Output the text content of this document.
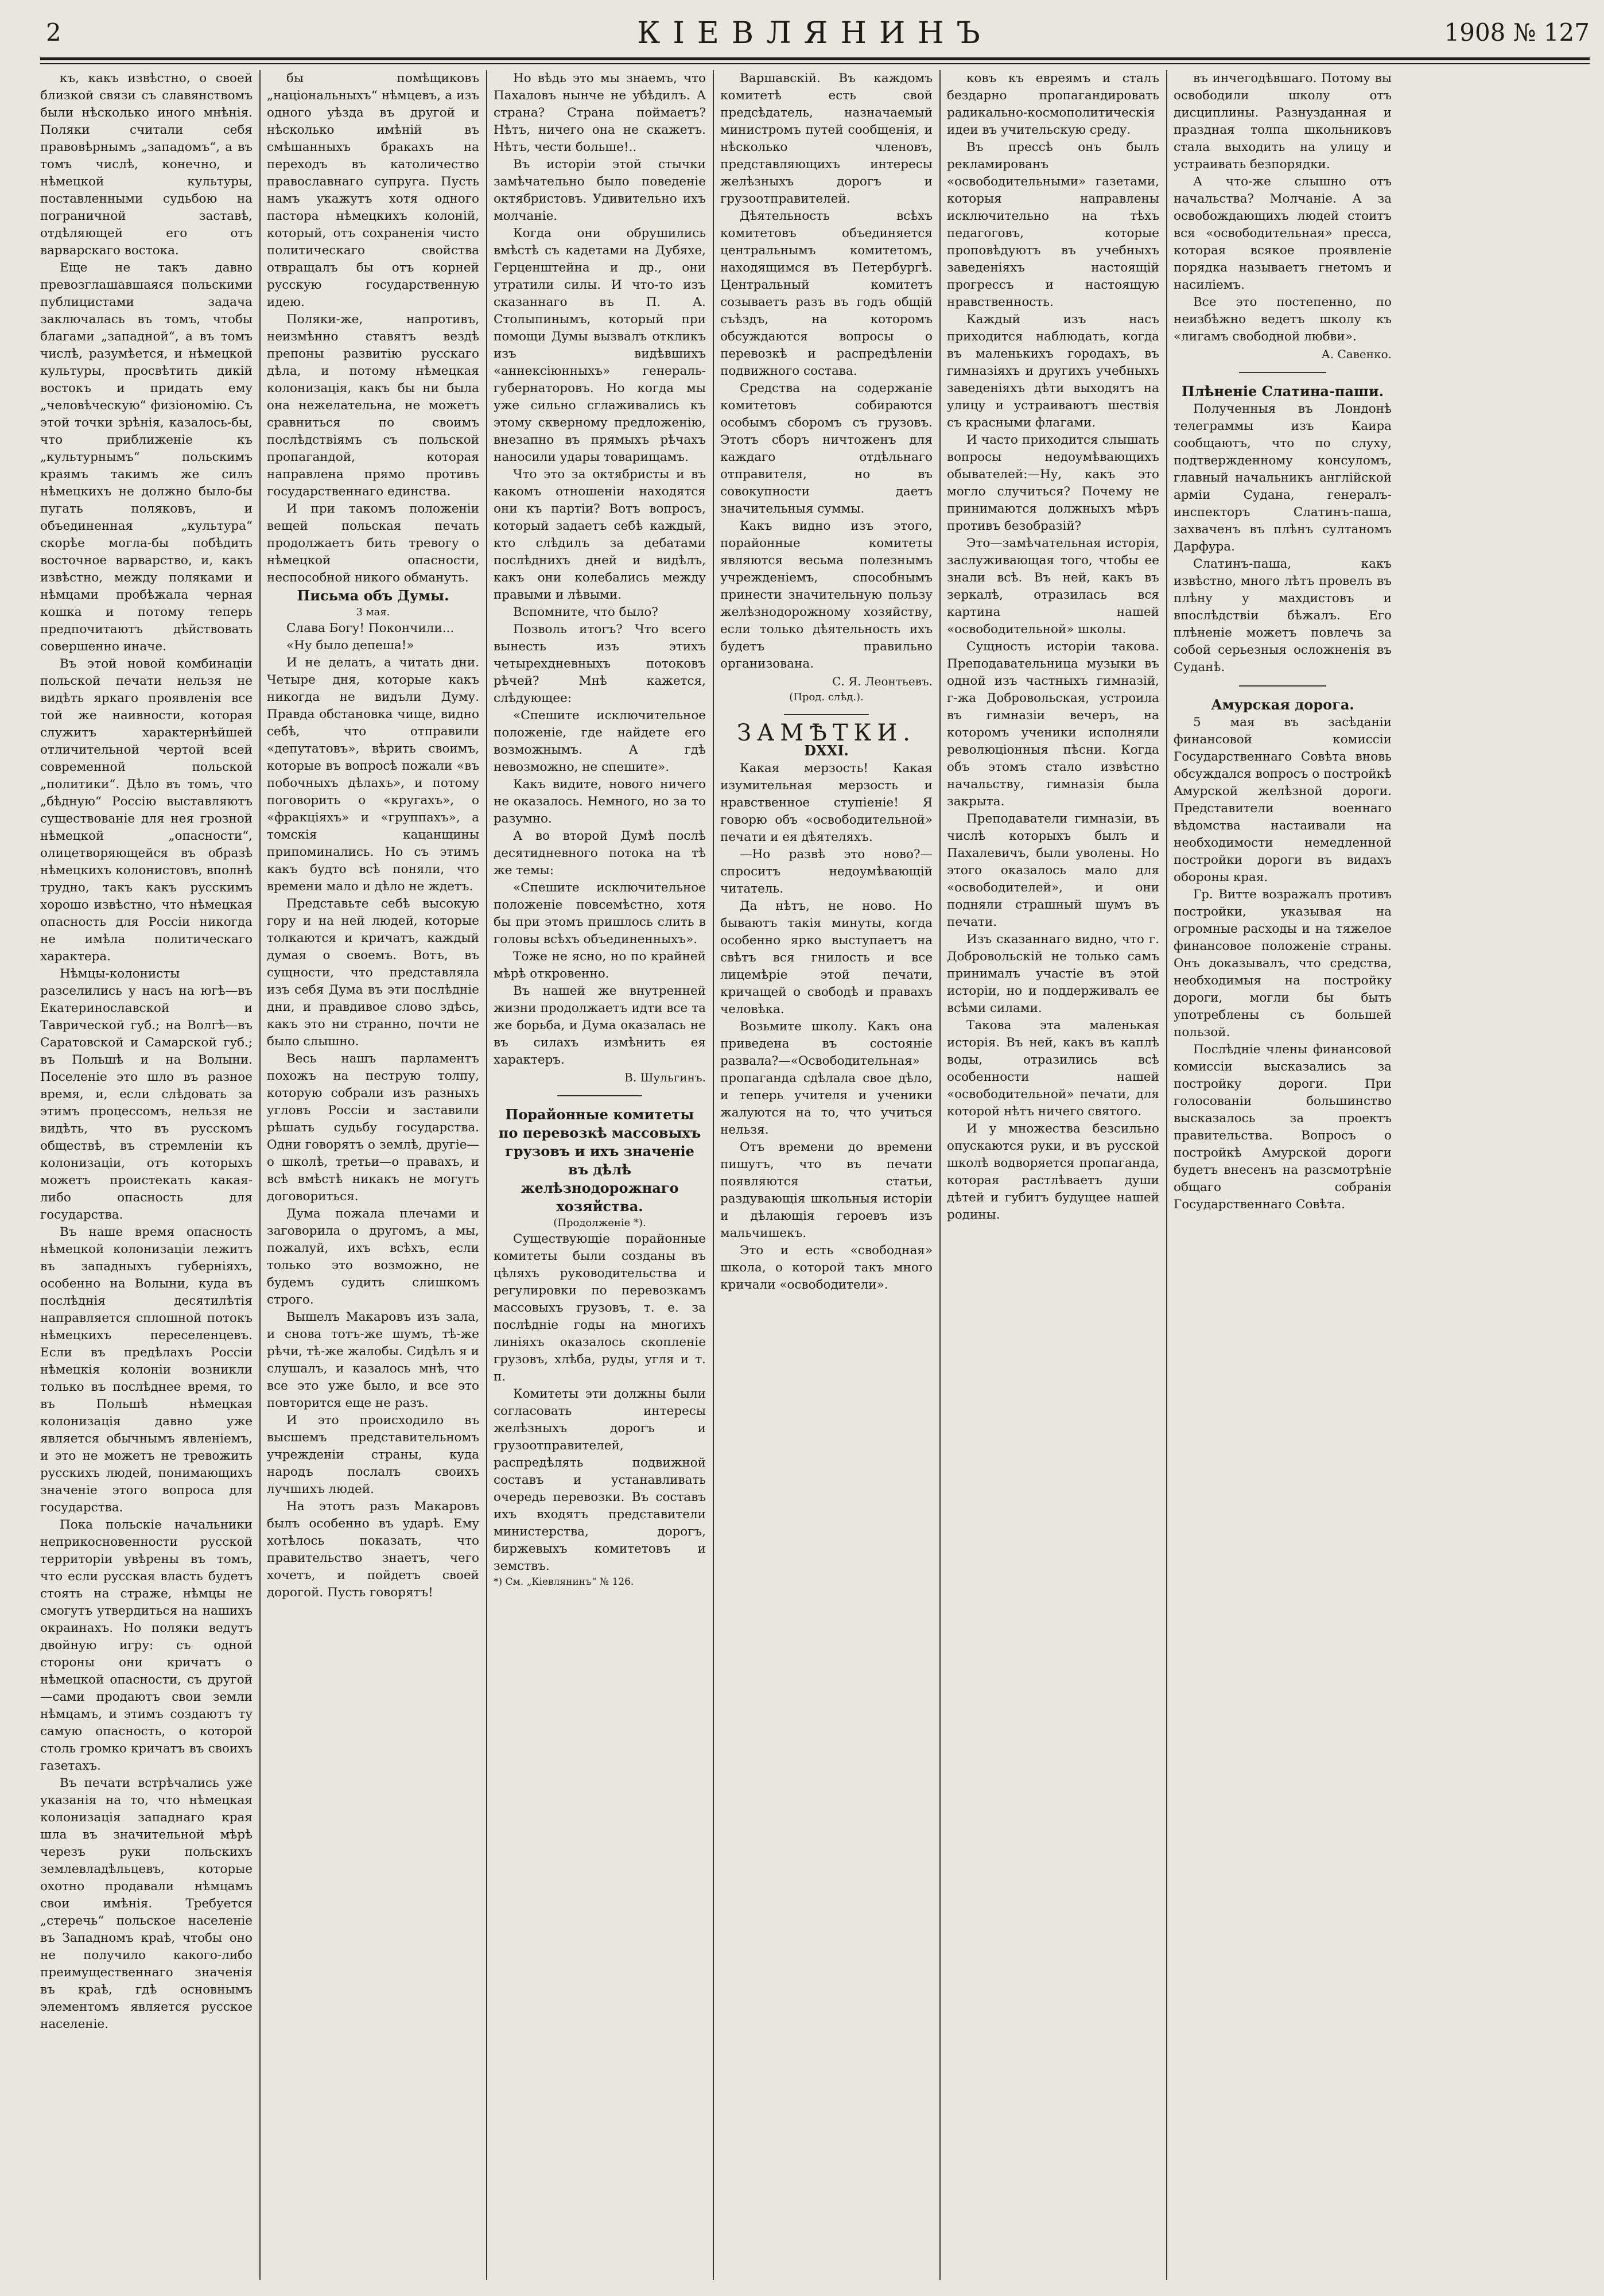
2	КІЕВЛЯНИНЪ	1908 № 127

къ, какъ извѣстно, о своей близкой связи съ славянствомъ были нѣсколько иного мнѣнія. Поляки считали себя правовѣрнымъ „западомъ“, а въ томъ числѣ, конечно, и нѣмецкой культуры, поставленными судьбою на пограничной заставѣ, отдѣляющей его отъ варварскаго востока.

Еще не такъ давно превозглашавшаяся польскими публицистами задача заключалась въ томъ, чтобы благами „западной“, а въ томъ числѣ, разумѣется, и нѣмецкой культуры, просвѣтить дикій востокъ и придать ему „человѣческую“ физіономію. Съ этой точки зрѣнія, казалось-бы, что приближеніе къ „культурнымъ“ польскимъ краямъ такимъ же силъ нѣмецкихъ не должно было-бы пугать поляковъ, и объединенная „культура“ скорѣе могла-бы побѣдить восточное варварство, и, какъ извѣстно, между поляками и нѣмцами пробѣжала черная кошка и потому теперь предпочитаютъ дѣйствовать совершенно иначе.

Въ этой новой комбинаціи польской печати нельзя не видѣть яркаго проявленія все той же наивности, которая служитъ характернѣйшей отличительной чертой всей современной польской „политики“. Дѣло въ томъ, что „бѣдную“ Россію выставляютъ существованіе для нея грозной нѣмецкой „опасности“, олицетворяющейся въ образѣ нѣмецкихъ колонистовъ, вполнѣ трудно, такъ какъ русскимъ хорошо извѣстно, что нѣмецкая опасность для Россіи никогда не имѣла политическаго характера.

Нѣмцы-колонисты разселились у насъ на югѣ—въ Екатеринославской и Таврической губ.; на Волгѣ—въ Саратовской и Самарской губ.; въ Польшѣ и на Волыни. Поселеніе это шло въ разное время, и, если слѣдовать за этимъ процессомъ, нельзя не видѣть, что въ русскомъ обществѣ, въ стремленіи къ колонизаціи, отъ которыхъ можетъ проистекать какая-либо опасность для государства.

Въ наше время опасность нѣмецкой колонизаціи лежитъ въ западныхъ губерніяхъ, особенно на Волыни, куда въ послѣднія десятилѣтія направляется сплошной потокъ нѣмецкихъ переселенцевъ. Если въ предѣлахъ Россіи нѣмецкія колоніи возникли только въ послѣднее время, то въ Польшѣ нѣмецкая колонизація давно уже является обычнымъ явленіемъ, и это не можетъ не тревожить русскихъ людей, понимающихъ значеніе этого вопроса для государства.

Пока польскіе начальники неприкосновенности русской территоріи увѣрены въ томъ, что если русская власть будетъ стоять на страже, нѣмцы не смогутъ утвердиться на нашихъ окраинахъ. Но поляки ведутъ двойную игру: съ одной стороны они кричатъ о нѣмецкой опасности, съ другой—сами продаютъ свои земли нѣмцамъ, и этимъ создаютъ ту самую опасность, о которой столь громко кричатъ въ своихъ газетахъ.

Въ печати встрѣчались уже указанія на то, что нѣмецкая колонизація западнаго края шла въ значительной мѣрѣ черезъ руки польскихъ землевладѣльцевъ, которые охотно продавали нѣмцамъ свои имѣнія. Требуется „стеречь“ польское населеніе въ Западномъ краѣ, чтобы оно не получило какого-либо преимущественнаго значенія въ краѣ, гдѣ основнымъ элементомъ является русское населеніе.

бы помѣщиковъ „національныхъ“ нѣмцевъ, а изъ одного уѣзда въ другой и нѣсколько имѣній въ смѣшанныхъ бракахъ на переходъ въ католичество православнаго супруга. Пусть намъ укажутъ хотя одного пастора нѣмецкихъ колоній, который, отъ сохраненія чисто политическаго свойства отвращалъ бы отъ корней русскую государственную идею.

Поляки-же, напротивъ, неизмѣнно ставятъ вездѣ препоны развитію русскаго дѣла, и потому нѣмецкая колонизація, какъ бы ни была она нежелательна, не можетъ сравниться по своимъ послѣдствіямъ съ польской пропагандой, которая направлена прямо противъ государственнаго единства.

И при такомъ положеніи вещей польская печать продолжаетъ бить тревогу о нѣмецкой опасности, неспособной никого обмануть.

Письма объ Думы.

3 мая.

Слава Богу! Покончили...

«Ну было депеша!»

И не делать, а читать дни. Четыре дня, которые какъ никогда не видъли Думу. Правда обстановка чище, видно себѣ, что отправили «депутатовъ», вѣрить своимъ, которые въ вопросѣ пожали «въ побочныхъ дѣлахъ», и потому поговорить о «кругахъ», о «фракціяхъ» и «группахъ», а томскія кацанщины припоминались. Но съ этимъ какъ будто всѣ поняли, что времени мало и дѣло не ждетъ.

Представьте себѣ высокую гору и на ней людей, которые толкаются и кричатъ, каждый думая о своемъ. Вотъ, въ сущности, что представляла изъ себя Дума въ эти послѣдніе дни, и правдивое слово здѣсь, какъ это ни странно, почти не было слышно.

Весь нашъ парламентъ похожъ на пеструю толпу, которую собрали изъ разныхъ угловъ Россіи и заставили рѣшать судьбу государства. Одни говорятъ о землѣ, другіе—о школѣ, третьи—о правахъ, и всѣ вмѣстѣ никакъ не могутъ договориться.

Дума пожала плечами и заговорила о другомъ, а мы, пожалуй, ихъ всѣхъ, если только это возможно, не будемъ судить слишкомъ строго.

Вышелъ Макаровъ изъ зала, и снова тотъ-же шумъ, тѣ-же рѣчи, тѣ-же жалобы. Сидѣлъ я и слушалъ, и казалось мнѣ, что все это уже было, и все это повторится еще не разъ.

И это происходило въ высшемъ представительномъ учрежденіи страны, куда народъ послалъ своихъ лучшихъ людей.

На этотъ разъ Макаровъ былъ особенно въ ударѣ. Ему хотѣлось показать, что правительство знаетъ, чего хочетъ, и пойдетъ своей дорогой. Пусть говорятъ!

Но вѣдь это мы знаемъ, что Пахаловъ нынче не убѣдилъ. А страна? Страна поймаетъ? Нѣтъ, ничего она не скажетъ. Нѣтъ, чести больше!..

Въ исторіи этой стычки замѣчательно было поведеніе октябристовъ. Удивительно ихъ молчаніе.

Когда они обрушились вмѣстѣ съ кадетами на Дубяхе, Герценштейна и др., они утратили силы. И что-то изъ сказаннаго въ П. А. Столыпинымъ, который при помощи Думы вызвалъ откликъ изъ видѣвшихъ «аннексіюнныхъ» генераль-губернаторовъ. Но когда мы уже сильно сглаживались къ этому скверному предложенію, внезапно въ прямыхъ рѣчахъ наносили удары товарищамъ.

Что это за октябристы и въ какомъ отношеніи находятся они къ партіи? Вотъ вопросъ, который задаетъ себѣ каждый, кто слѣдилъ за дебатами послѣднихъ дней и видѣлъ, какъ они колебались между правыми и лѣвыми.

Вспомните, что было?

Позволь итогъ? Что всего вынесть изъ этихъ четырехдневныхъ потоковъ рѣчей? Мнѣ кажется, слѣдующее:

«Спешите исключительное положеніе, где найдете его возможнымъ. А гдѣ невозможно, не спешите».

Какъ видите, нового ничего не оказалось. Немного, но за то разумно.

А во второй Думѣ послѣ десятидневного потока на тѣ же темы:

«Спешите исключительное положеніе повсемѣстно, хотя бы при этомъ пришлось слить в головы всѣхъ объединенныхъ».

Тоже не ясно, но по крайней мѣрѣ откровенно.

Въ нашей же внутренней жизни продолжаетъ идти все та же борьба, и Дума оказалась не въ силахъ измѣнить ея характеръ.

В. Шульгинъ.

Порайонные комитеты по перевозкѣ массовыхъ грузовъ и ихъ значеніе въ дѣлѣ желѣзнодорожнаго хозяйства.

(Продолженіе *).

Существующіе порайонные комитеты были созданы въ цѣляхъ руководительства и регулировки по перевозкамъ массовыхъ грузовъ, т. е. за послѣдніе годы на многихъ линіяхъ оказалось скопленіе грузовъ, хлѣба, руды, угля и т. п.

Комитеты эти должны были согласовать интересы желѣзныхъ дорогъ и грузоотправителей, распредѣлять подвижной составъ и устанавливать очередь перевозки. Въ составъ ихъ входятъ представители министерства, дорогъ, биржевыхъ комитетовъ и земствъ.

*) См. „Кіевлянинъ“ № 126.

Варшавскій. Въ каждомъ комитетѣ есть свой предсѣдатель, назначаемый министромъ путей сообщенія, и нѣсколько членовъ, представляющихъ интересы желѣзныхъ дорогъ и грузоотправителей.

Дѣятельность всѣхъ комитетовъ объединяется центральнымъ комитетомъ, находящимся въ Петербургѣ. Центральный комитетъ созываетъ разъ въ годъ общій съѣздъ, на которомъ обсуждаются вопросы о перевозкѣ и распредѣленіи подвижного состава.

Средства на содержаніе комитетовъ собираются особымъ сборомъ съ грузовъ. Этотъ сборъ ничтоженъ для каждаго отдѣльнаго отправителя, но въ совокупности даетъ значительныя суммы.

Какъ видно изъ этого, порайонные комитеты являются весьма полезнымъ учрежденіемъ, способнымъ принести значительную пользу желѣзнодорожному хозяйству, если только дѣятельность ихъ будетъ правильно организована.

С. Я. Леонтьевъ.

(Прод. слѣд.).

ЗАМѢТКИ.

DXXI.

Какая мерзость! Какая изумительная мерзость и нравственное ступіеніе! Я говорю объ «освободительной» печати и ея дѣятеляхъ.

—Но развѣ это ново?—спроситъ недоумѣвающій читатель.

Да нѣтъ, не ново. Но бываютъ такія минуты, когда особенно ярко выступаетъ на свѣтъ вся гнилость и все лицемѣріе этой печати, кричащей о свободѣ и правахъ человѣка.

Возьмите школу. Какъ она приведена въ состояніе развала?—«Освободительная» пропаганда сдѣлала свое дѣло, и теперь учителя и ученики жалуются на то, что учиться нельзя.

Отъ времени до времени пишутъ, что въ печати появляются статьи, раздувающія школьныя исторіи и дѣлающія героевъ изъ мальчишекъ.

Это и есть «свободная» школа, о которой такъ много кричали «освободители».

ковъ къ евреямъ и сталъ бездарно пропагандировать радикально-космополитическія идеи въ учительскую среду.

Въ прессѣ онъ былъ рекламированъ «освободительными» газетами, которыя направлены исключительно на тѣхъ педагоговъ, которые проповѣдуютъ въ учебныхъ заведеніяхъ настоящій прогрессъ и настоящую нравственность.

Каждый изъ насъ приходится наблюдать, когда въ маленькихъ городахъ, въ гимназіяхъ и другихъ учебныхъ заведеніяхъ дѣти выходятъ на улицу и устраиваютъ шествія съ красными флагами.

И часто приходится слышать вопросы недоумѣвающихъ обывателей:—Ну, какъ это могло случиться? Почему не принимаются должныхъ мѣръ противъ безобразій?

Это—замѣчательная исторія, заслуживающая того, чтобы ее знали всѣ. Въ ней, какъ въ зеркалѣ, отразилась вся картина нашей «освободительной» школы.

Сущность исторіи такова. Преподавательница музыки въ одной изъ частныхъ гимназій, г-жа Добровольская, устроила въ гимназіи вечеръ, на которомъ ученики исполняли революціонныя пѣсни. Когда объ этомъ стало извѣстно начальству, гимназія была закрыта.

Преподаватели гимназіи, въ числѣ которыхъ былъ и Пахалевичъ, были уволены. Но этого оказалось мало для «освободителей», и они подняли страшный шумъ въ печати.

Изъ сказаннаго видно, что г. Добровольскій не только самъ принималъ участіе въ этой исторіи, но и поддерживалъ ее всѣми силами.

Такова эта маленькая исторія. Въ ней, какъ въ каплѣ воды, отразились всѣ особенности нашей «освободительной» печати, для которой нѣтъ ничего святого.

И у множества безсильно опускаются руки, и въ русской школѣ водворяется пропаганда, которая растлѣваетъ души дѣтей и губитъ будущее нашей родины.

въ инчегодѣвшаго. Потому вы освободили школу отъ дисциплины. Разнузданная и праздная толпа школьниковъ стала выходить на улицу и устраивать безпорядки.

А что-же слышно отъ начальства? Молчаніе. А за освобождающихъ людей стоитъ вся «освободительная» пресса, которая всякое проявленіе порядка называетъ гнетомъ и насиліемъ.

Все это постепенно, по неизбѣжно ведетъ школу къ «лигамъ свободной любви».

А. Савенко.

Плѣненіе Слатина-паши.

Полученныя въ Лондонѣ телеграммы изъ Каира сообщаютъ, что по слуху, подтвержденному консуломъ, главный начальникъ англійской арміи Судана, генералъ-инспекторъ Слатинъ-паша, захваченъ въ плѣнъ султаномъ Дарфура.

Слатинъ-паша, какъ извѣстно, много лѣтъ провелъ въ плѣну у махдистовъ и впослѣдствіи бѣжалъ. Его плѣненіе можетъ повлечь за собой серьезныя осложненія въ Суданѣ.

Амурская дорога.

5 мая въ засѣданіи финансовой комиссіи Государственнаго Совѣта вновь обсуждался вопросъ о постройкѣ Амурской желѣзной дороги. Представители военнаго вѣдомства настаивали на необходимости немедленной постройки дороги въ видахъ обороны края.

Гр. Витте возражалъ противъ постройки, указывая на огромные расходы и на тяжелое финансовое положеніе страны. Онъ доказывалъ, что средства, необходимыя на постройку дороги, могли бы быть употреблены съ большей пользой.

Послѣдніе члены финансовой комиссіи высказались за постройку дороги. При голосованіи большинство высказалось за проектъ правительства. Вопросъ о постройкѣ Амурской дороги будетъ внесенъ на разсмотрѣніе общаго собранія Государственнаго Совѣта.
